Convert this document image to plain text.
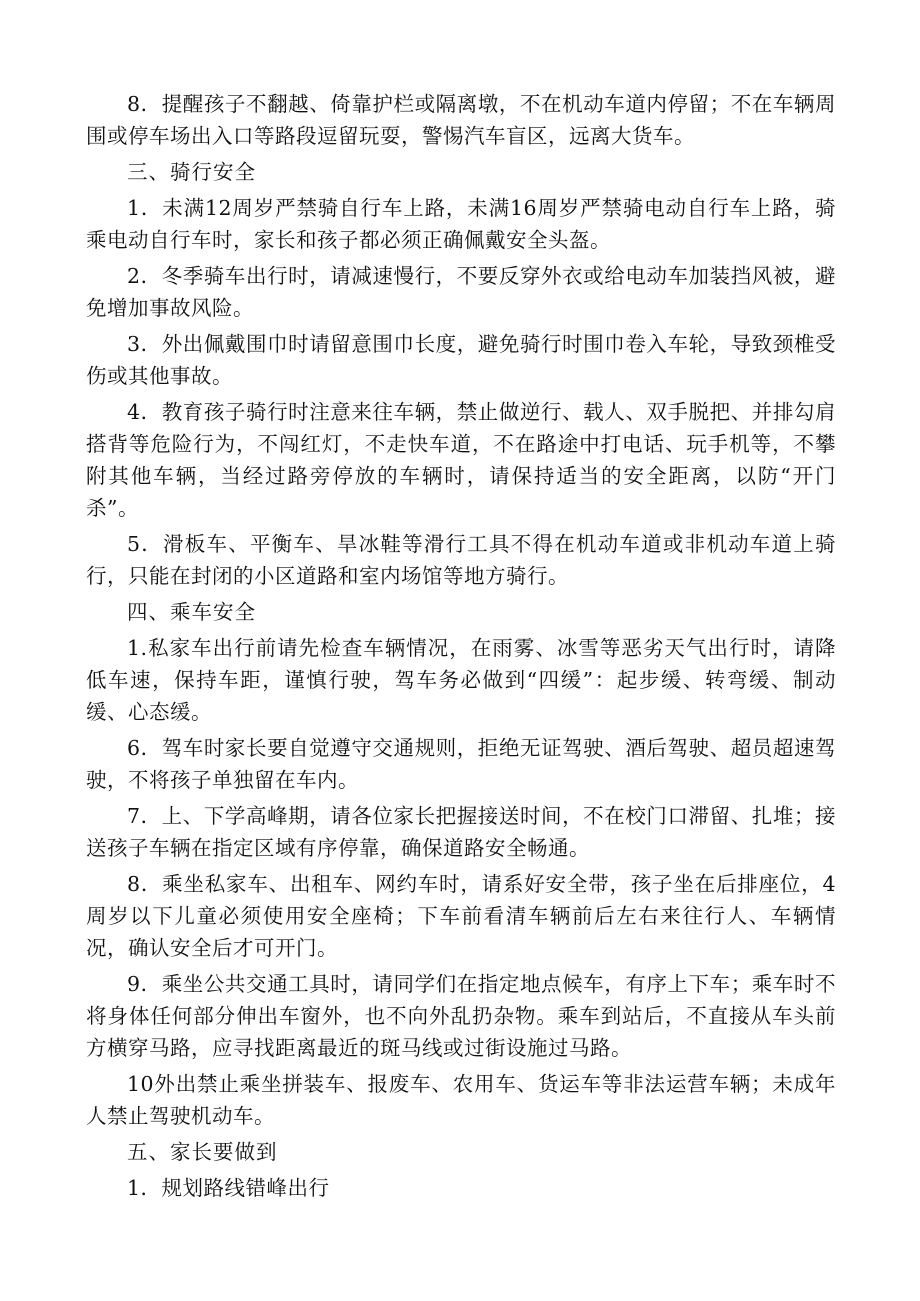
8．提醒孩子不翻越、倚靠护栏或隔离墩，不在机动车道内停留；不在车辆周围或停车场出入口等路段逗留玩耍，警惕汽车盲区，远离大货车。

三、骑行安全

1．未满12周岁严禁骑自行车上路，未满16周岁严禁骑电动自行车上路，骑乘电动自行车时，家长和孩子都必须正确佩戴安全头盔。

2．冬季骑车出行时，请减速慢行，不要反穿外衣或给电动车加装挡风被，避免增加事故风险。

3．外出佩戴围巾时请留意围巾长度，避免骑行时围巾卷入车轮，导致颈椎受伤或其他事故。

4．教育孩子骑行时注意来往车辆，禁止做逆行、载人、双手脱把、并排勾肩搭背等危险行为，不闯红灯，不走快车道，不在路途中打电话、玩手机等，不攀附其他车辆，当经过路旁停放的车辆时，请保持适当的安全距离，以防“开门杀”。

5．滑板车、平衡车、旱冰鞋等滑行工具不得在机动车道或非机动车道上骑行，只能在封闭的小区道路和室内场馆等地方骑行。

四、乘车安全

1.私家车出行前请先检查车辆情况，在雨雾、冰雪等恶劣天气出行时，请降低车速，保持车距，谨慎行驶，驾车务必做到“四缓”：起步缓、转弯缓、制动缓、心态缓。

6．驾车时家长要自觉遵守交通规则，拒绝无证驾驶、酒后驾驶、超员超速驾驶，不将孩子单独留在车内。

7．上、下学高峰期，请各位家长把握接送时间，不在校门口滞留、扎堆；接送孩子车辆在指定区域有序停靠，确保道路安全畅通。

8．乘坐私家车、出租车、网约车时，请系好安全带，孩子坐在后排座位，4周岁以下儿童必须使用安全座椅；下车前看清车辆前后左右来往行人、车辆情况，确认安全后才可开门。

9．乘坐公共交通工具时，请同学们在指定地点候车，有序上下车；乘车时不将身体任何部分伸出车窗外，也不向外乱扔杂物。乘车到站后，不直接从车头前方横穿马路，应寻找距离最近的斑马线或过街设施过马路。

10外出禁止乘坐拼装车、报废车、农用车、货运车等非法运营车辆；未成年人禁止驾驶机动车。

五、家长要做到

1．规划路线错峰出行
